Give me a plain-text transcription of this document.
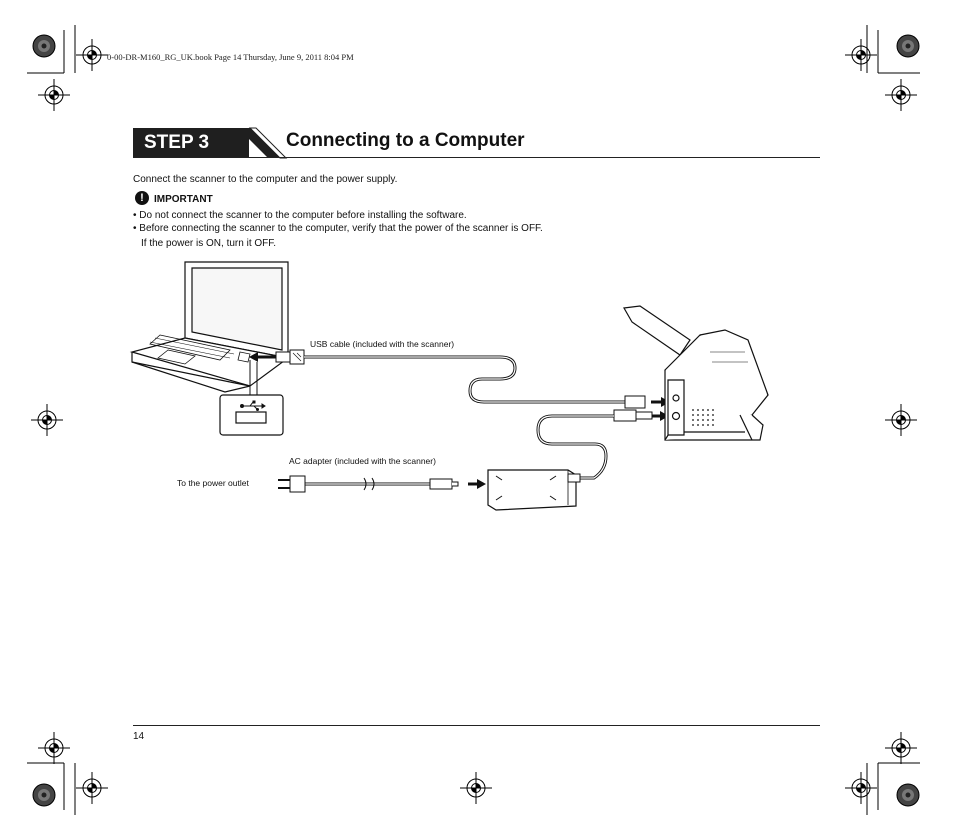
0-00-DR-M160_RG_UK.book Page 14 Thursday, June 9, 2011 8:04 PM
STEP 3	Connecting to a Computer
Connect the scanner to the computer and the power supply.
!	IMPORTANT
• Do not connect the scanner to the computer before installing the software.
• Before connecting the scanner to the computer, verify that the power of the scanner is OFF.
If the power is ON, turn it OFF.
USB cable (included with the scanner)
AC adapter (included with the scanner)
To the power outlet
14
